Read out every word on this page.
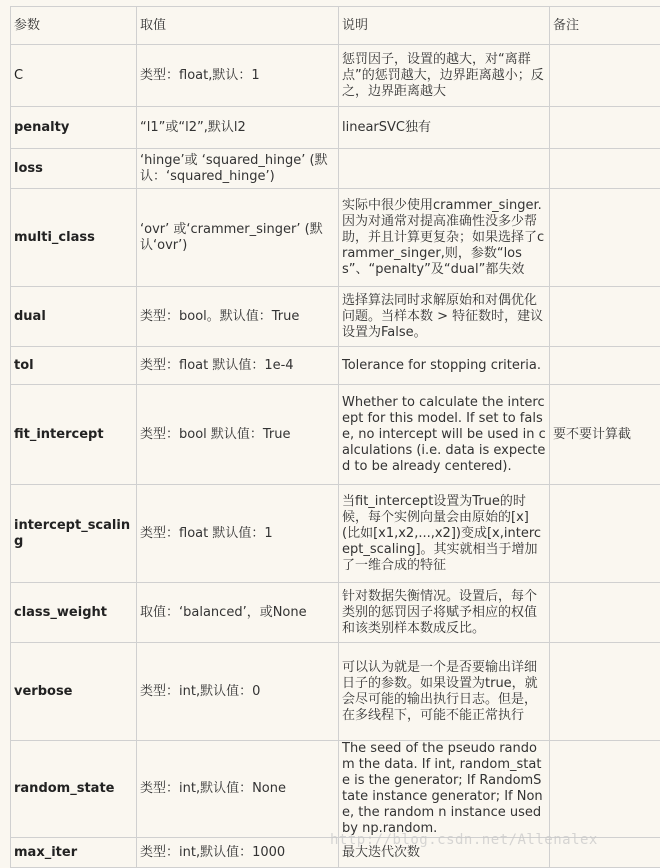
参数	取值	说明	备注
C	类型：float,默认：1	惩罚因子，设置的越大，对“离群点”的惩罚越大，边界距离越小；反之，边界距离越大	
penalty	“l1”或“l2”,默认l2	linearSVC独有	
loss	‘hinge’或 ‘squared_hinge’ (默认：‘squared_hinge’)		
multi_class	‘ovr’ 或‘crammer_singer’ (默认‘ovr’)	实际中很少使用crammer_singer.因为对通常对提高准确性没多少帮助，并且计算更复杂；如果选择了crammer_singer,则，参数“loss”、“penalty”及“dual”都失效	
dual	类型：bool。默认值：True	选择算法同时求解原始和对偶优化问题。当样本数 > 特征数时，建议设置为False。	
tol	类型：float 默认值：1e-4	Tolerance for stopping criteria.	
fit_intercept	类型：bool 默认值：True	Whether to calculate the intercept for this model. If set to false, no intercept will be used in calculations (i.e. data is expected to be already centered).	要不要计算截
intercept_scaling	类型：float 默认值：1	当fit_intercept设置为True的时候，每个实例向量会由原始的[x](比如[x1,x2,...,x2])变成[x,intercept_scaling]。其实就相当于增加了一维合成的特征	
class_weight	取值：‘balanced’，或None	针对数据失衡情况。设置后，每个类别的惩罚因子将赋予相应的权值和该类别样本数成反比。	
verbose	类型：int,默认值：0	可以认为就是一个是否要输出详细日子的参数。如果设置为true，就会尽可能的输出执行日志。但是，在多线程下，可能不能正常执行	
random_state	类型：int,默认值：None	The seed of the pseudo random the data. If int, random_state is the generator; If RandomState instance generator; If None, the random n instance used by np.random.	
max_iter	类型：int,默认值：1000	最大迭代次数	
http://blog.csdn.net/Allenalex
